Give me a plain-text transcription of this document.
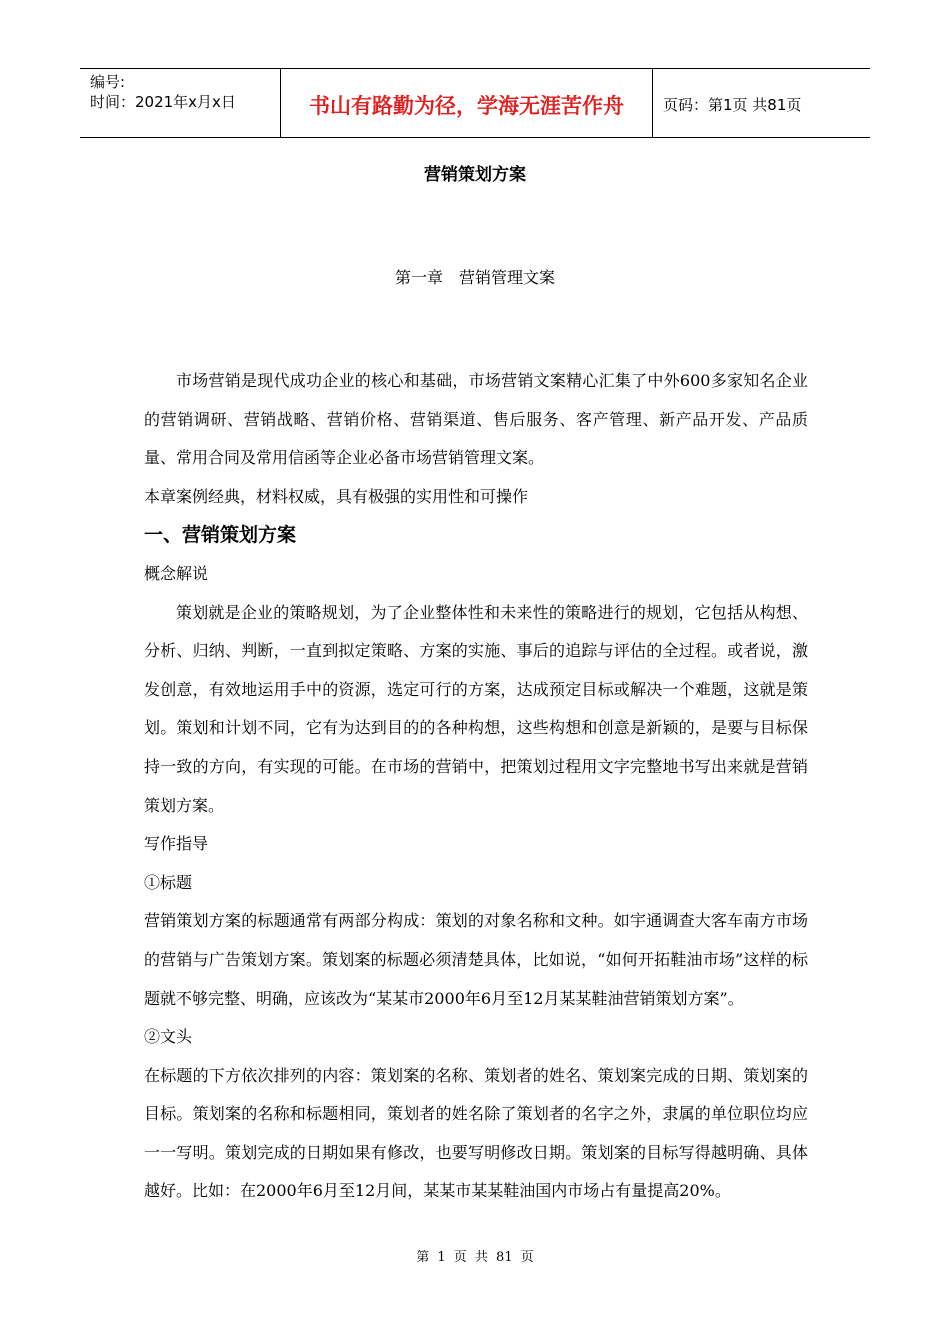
编号:
时间：2021年x月x日	书山有路勤为径，学海无涯苦作舟	页码：第1页 共81页
营销策划方案
第一章　营销管理文案

市场营销是现代成功企业的核心和基础，市场营销文案精心汇集了中外600多家知名企业的营销调研、营销战略、营销价格、营销渠道、售后服务、客产管理、新产品开发、产品质量、常用合同及常用信函等企业必备市场营销管理文案。

本章案例经典，材料权威，具有极强的实用性和可操作

一、营销策划方案

概念解说

策划就是企业的策略规划，为了企业整体性和未来性的策略进行的规划，它包括从构想、分析、归纳、判断，一直到拟定策略、方案的实施、事后的追踪与评估的全过程。或者说，激发创意，有效地运用手中的资源，选定可行的方案，达成预定目标或解决一个难题，这就是策划。策划和计划不同，它有为达到目的的各种构想，这些构想和创意是新颖的，是要与目标保持一致的方向，有实现的可能。在市场的营销中，把策划过程用文字完整地书写出来就是营销策划方案。

写作指导

①标题

营销策划方案的标题通常有两部分构成：策划的对象名称和文种。如宇通调查大客车南方市场的营销与广告策划方案。策划案的标题必须清楚具体，比如说，“如何开拓鞋油市场”这样的标题就不够完整、明确，应该改为“某某市2000年6月至12月某某鞋油营销策划方案”。

②文头

在标题的下方依次排列的内容：策划案的名称、策划者的姓名、策划案完成的日期、策划案的目标。策划案的名称和标题相同，策划者的姓名除了策划者的名字之外，隶属的单位职位均应一一写明。策划完成的日期如果有修改，也要写明修改日期。策划案的目标写得越明确、具体越好。比如：在2000年6月至12月间，某某市某某鞋油国内市场占有量提高20%。

第 1 页 共 81 页
